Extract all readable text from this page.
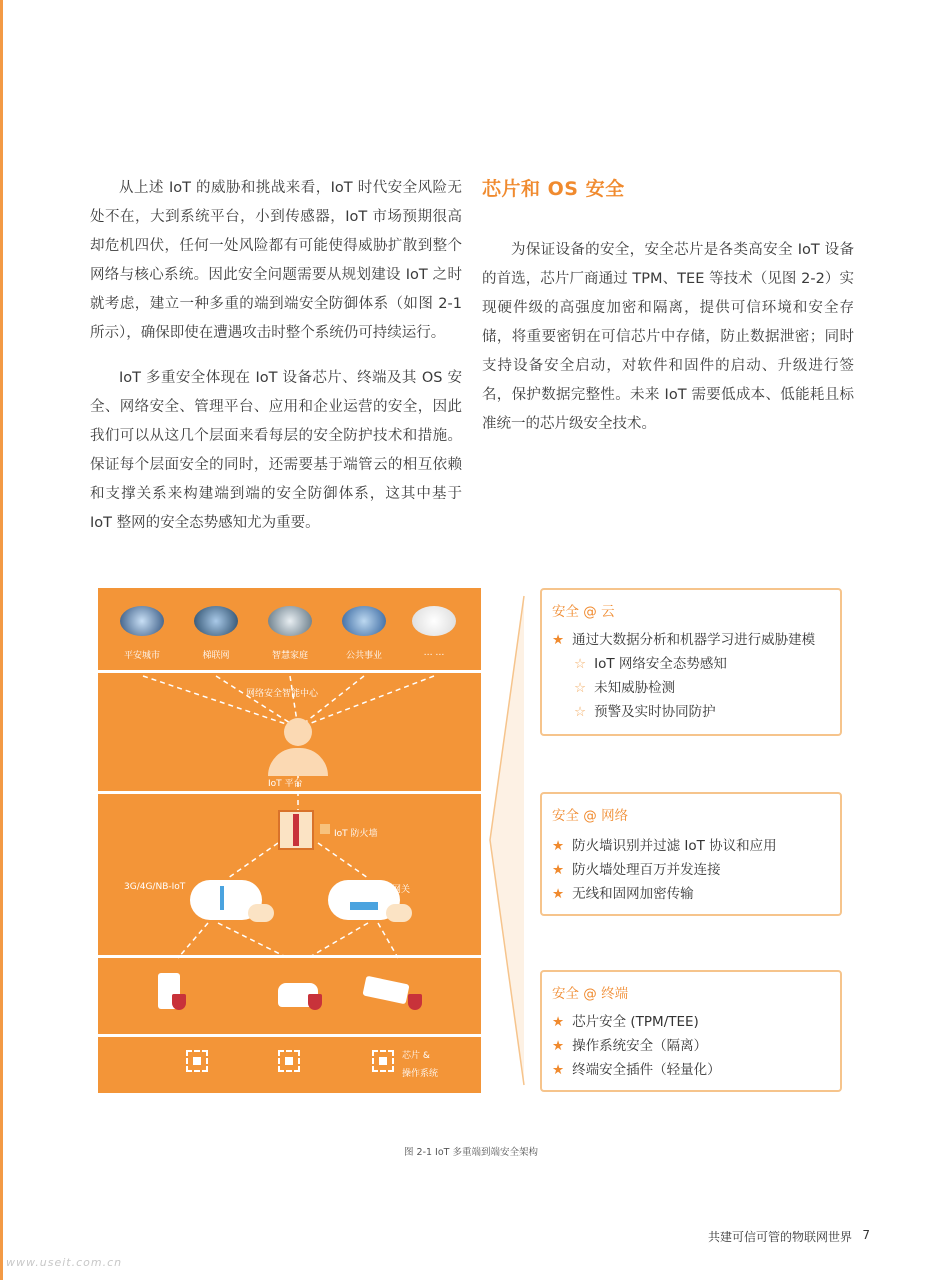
从上述 IoT 的威胁和挑战来看，IoT 时代安全风险无处不在，大到系统平台，小到传感器，IoT 市场预期很高却危机四伏，任何一处风险都有可能使得威胁扩散到整个网络与核心系统。因此安全问题需要从规划建设 IoT 之时就考虑，建立一种多重的端到端安全防御体系（如图 2-1 所示），确保即使在遭遇攻击时整个系统仍可持续运行。

IoT 多重安全体现在 IoT 设备芯片、终端及其 OS 安全、网络安全、管理平台、应用和企业运营的安全，因此我们可以从这几个层面来看每层的安全防护技术和措施。保证每个层面安全的同时，还需要基于端管云的相互依赖和支撑关系来构建端到端的安全防御体系，这其中基于 IoT 整网的安全态势感知尤为重要。

芯片和 OS 安全

为保证设备的安全，安全芯片是各类高安全 IoT 设备的首选，芯片厂商通过 TPM、TEE 等技术（见图 2-2）实现硬件级的高强度加密和隔离，提供可信环境和安全存储，将重要密钥在可信芯片中存储，防止数据泄密；同时支持设备安全启动，对软件和固件的启动、升级进行签名，保护数据完整性。未来 IoT 需要低成本、低能耗且标准统一的芯片级安全技术。

平安城市	梯联网	智慧家庭	公共事业	… …
网络安全智能中心
IoT 平台
IoT 防火墙
3G/4G/NB-IoT	网关
芯片 &
操作系统
安全 @ 云
★ 通过大数据分析和机器学习进行威胁建模
☆ IoT 网络安全态势感知
☆ 未知威胁检测
☆ 预警及实时协同防护
安全 @ 网络
★ 防火墙识别并过滤 IoT 协议和应用
★ 防火墙处理百万并发连接
★ 无线和固网加密传输
安全 @ 终端
★ 芯片安全 (TPM/TEE)
★ 操作系统安全（隔离）
★ 终端安全插件（轻量化）
图 2-1 IoT 多重端到端安全架构
共建可信可管的物联网世界 7
www.useit.com.cn
